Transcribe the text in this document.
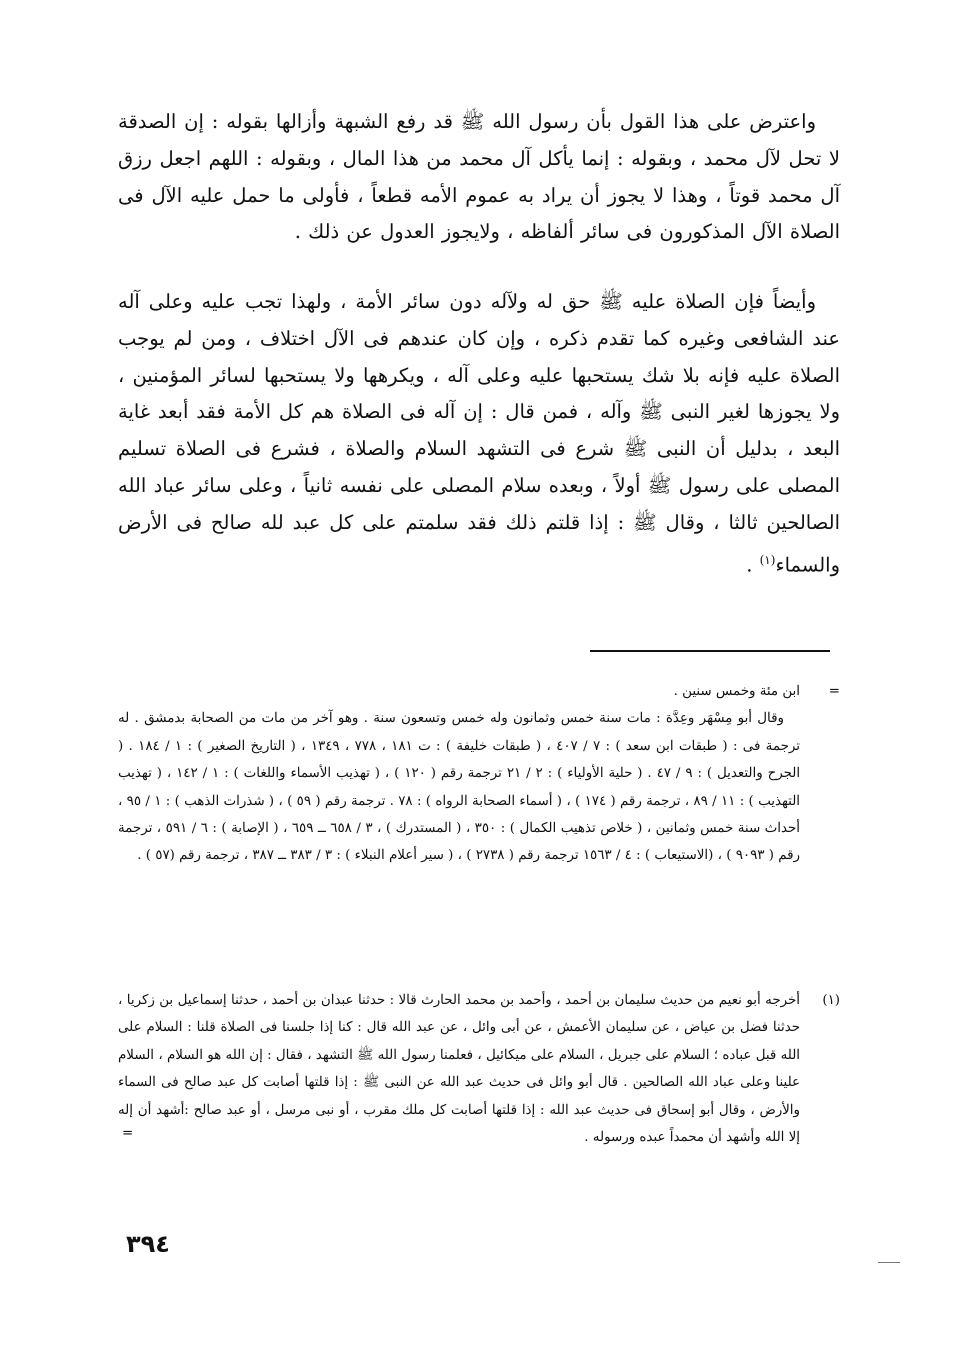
واعترض على هذا القول بأن رسول الله ﷺ قد رفع الشبهة وأزالها بقوله : إن الصدقة لا تحل لآل محمد ، وبقوله : إنما يأكل آل محمد من هذا المال ، وبقوله : اللهم اجعل رزق آل محمد قوتاً ، وهذا لا يجوز أن يراد به عموم الأمه قطعاً ، فأولى ما حمل عليه الآل فى الصلاة الآل المذكورون فى سائر ألفاظه ، ولايجوز العدول عن ذلك .
وأيضاً فإن الصلاة عليه ﷺ حق له ولآله دون سائر الأمة ، ولهذا تجب عليه وعلى آله عند الشافعى وغيره كما تقدم ذكره ، وإن كان عندهم فى الآل اختلاف ، ومن لم يوجب الصلاة عليه فإنه بلا شك يستحبها عليه وعلى آله ، ويكرهها ولا يستحبها لسائر المؤمنين ، ولا يجوزها لغير النبى ﷺ وآله ، فمن قال : إن آله فى الصلاة هم كل الأمة فقد أبعد غاية البعد ، بدليل أن النبى ﷺ شرع فى التشهد السلام والصلاة ، فشرع فى الصلاة تسليم المصلى على رسول ﷺ أولاً ، وبعده سلام المصلى على نفسه ثانياً ، وعلى سائر عباد الله الصالحين ثالثا ، وقال ﷺ : إذا قلتم ذلك فقد سلمتم على كل عبد لله صالح فى الأرض والسماء$^{(١)}$ .
=

ابن مئة وخمس سنين .

وقال أبو مِسْهَر وعِدَّة : مات سنة خمس وثمانون وله خمس وتسعون سنة . وهو آخر من مات من الصحابة بدمشق . له ترجمة فى : ( طبقات ابن سعد ) : ٧ / ٤٠٧ ، ( طبقات خليفة ) : ت ١٨١ ، ٧٧٨ ، ١٣٤٩ ، ( التاريخ الصغير ) : ١ / ١٨٤ . ( الجرح والتعديل ) : ٩ / ٤٧ . ( حلية الأولياء ) : ٢ / ٢١ ترجمة رقم ( ١٢٠ ) ، ( تهذيب الأسماء واللغات ) : ١ / ١٤٢ ، ( تهذيب التهذيب ) : ١١ / ٨٩ ، ترجمة رقم ( ١٧٤ ) ، ( أسماء الصحابة الرواه ) : ٧٨ . ترجمة رقم ( ٥٩ ) ، ( شذرات الذهب ) : ١ / ٩٥ ، أحداث سنة خمس وثمانين ، ( خلاص تذهيب الكمال ) : ٣٥٠ ، ( المستدرك ) ، ٣ / ٦٥٨ ــ ٦٥٩ ، ( الإصابة ) : ٦ / ٥٩١ ، ترجمة رقم ( ٩٠٩٣ ) ، (الاستيعاب ) : ٤ / ١٥٦٣ ترجمة رقم ( ٢٧٣٨ ) ، ( سير أعلام النبلاء ) : ٣ / ٣٨٣ ــ ٣٨٧ ، ترجمة رقم (٥٧ ) .

(١)

أخرجه أبو نعيم من حديث سليمان بن أحمد ، وأحمد بن محمد الحارث قالا : حدثنا عبدان بن أحمد ، حدثنا إسماعيل بن زكريا ، حدثنا فضل بن عياض ، عن سليمان الأعمش ، عن أبى وائل ، عن عبد الله قال : كنا إذا جلسنا فى الصلاة قلنا : السلام على الله قبل عباده ؛ السلام على جبريل ، السلام على ميكائيل ، فعلمنا رسول الله ﷺ التشهد ، فقال : إن الله هو السلام ، السلام علينا وعلى عباد الله الصالحين . قال أبو وائل فى حديث عبد الله عن النبى ﷺ : إذا قلتها أصابت كل عبد صالح فى السماء والأرض ، وقال أبو إسحاق فى حديث عبد الله : إذا قلتها أصابت كل ملك مقرب ، أو نبى مرسل ، أو عبد صالح :أشهد أن إله إلا الله وأشهد أن محمداً عبده ورسوله .

=
٣٩٤
